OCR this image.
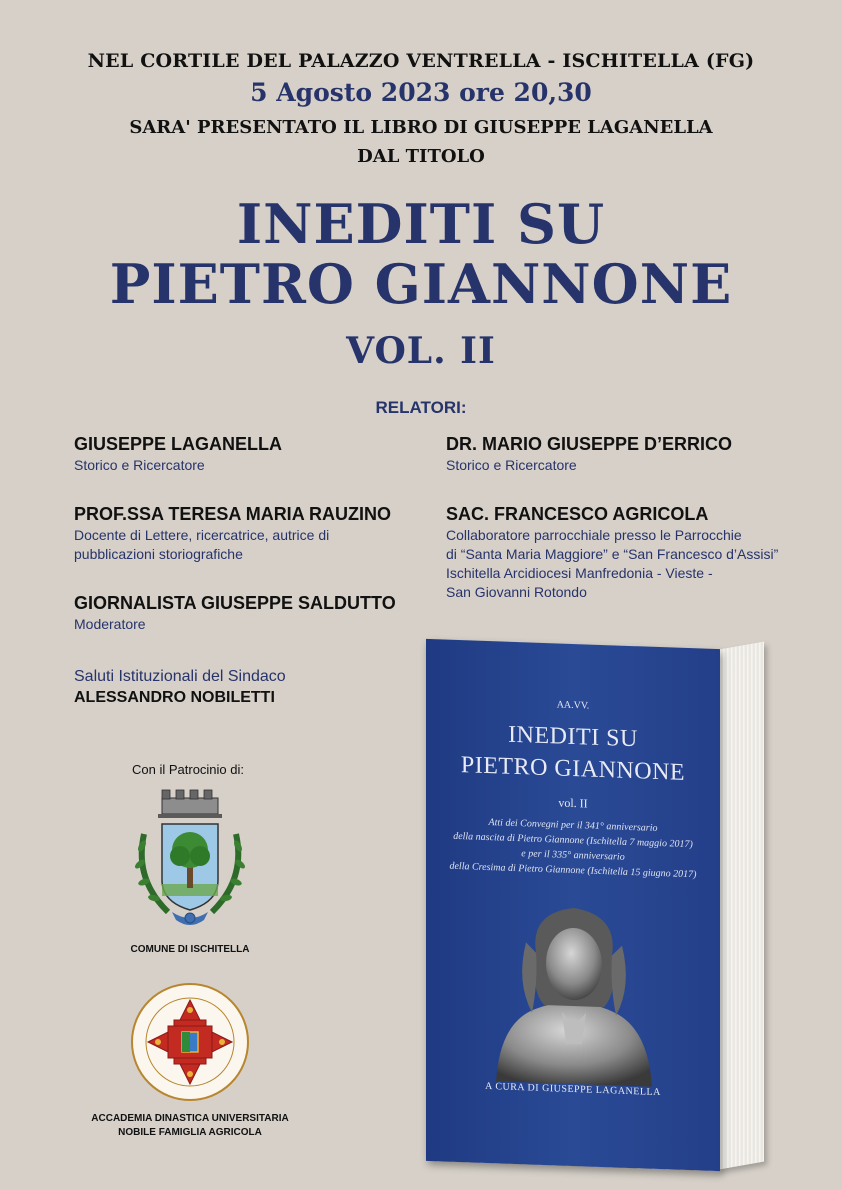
NEL CORTILE DEL PALAZZO VENTRELLA - ISCHITELLA (FG)
5 Agosto 2023 ore 20,30
SARA' PRESENTATO IL LIBRO DI GIUSEPPE LAGANELLA
DAL TITOLO
INEDITI SU
PIETRO GIANNONE
VOL. II
RELATORI:
GIUSEPPE LAGANELLA
Storico e Ricercatore
DR. MARIO GIUSEPPE D’ERRICO
Storico e Ricercatore
PROF.SSA TERESA MARIA RAUZINO
Docente di Lettere, ricercatrice, autrice di
pubblicazioni storiografiche
SAC. FRANCESCO AGRICOLA
Collaboratore parrocchiale presso le Parrocchie
di “Santa Maria Maggiore” e “San Francesco d’Assisi”
Ischitella Arcidiocesi Manfredonia - Vieste -
San Giovanni Rotondo
GIORNALISTA GIUSEPPE SALDUTTO
Moderatore
Saluti Istituzionali del Sindaco
ALESSANDRO NOBILETTI
Con il Patrocinio di:
COMUNE DI ISCHITELLA
ACCADEMIA DINASTICA UNIVERSITARIA
NOBILE FAMIGLIA AGRICOLA
AA.VV.
INEDITI SU
PIETRO GIANNONE
vol. II
Atti dei Convegni per il 341° anniversario
della nascita di Pietro Giannone (Ischitella 7 maggio 2017)
e per il 335° anniversario
della Cresima di Pietro Giannone (Ischitella 15 giugno 2017)
A CURA DI GIUSEPPE LAGANELLA
